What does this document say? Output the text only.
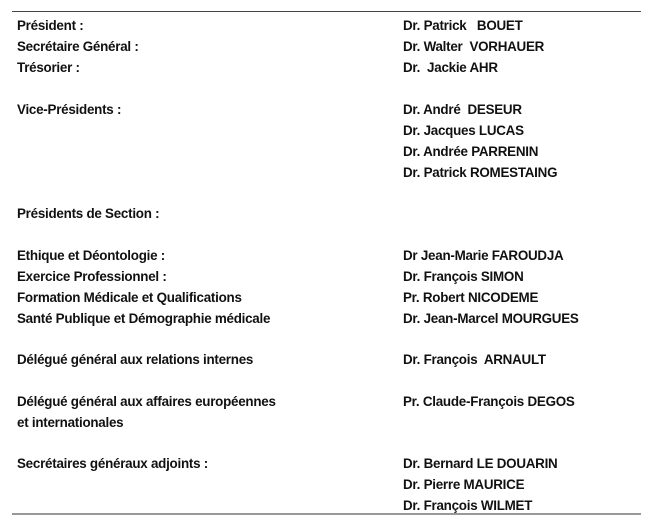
Président :	Dr. Patrick   BOUET
Secrétaire Général :	Dr. Walter  VORHAUER
Trésorier :	Dr.  Jackie AHR
Vice-Présidents :	Dr. André  DESEUR
Dr. Jacques LUCAS
Dr. Andrée PARRENIN
Dr. Patrick ROMESTAING
Présidents de Section :
Ethique et Déontologie :	Dr Jean-Marie FAROUDJA
Exercice Professionnel :	Dr. François SIMON
Formation Médicale et Qualifications	Pr. Robert NICODEME
Santé Publique et Démographie médicale	Dr. Jean-Marcel MOURGUES
Délégué général aux relations internes	Dr. François  ARNAULT
Délégué général aux affaires européennes
et internationales
Pr. Claude-François DEGOS
Secrétaires généraux adjoints :	Dr. Bernard LE DOUARIN
Dr. Pierre MAURICE
Dr. François WILMET
